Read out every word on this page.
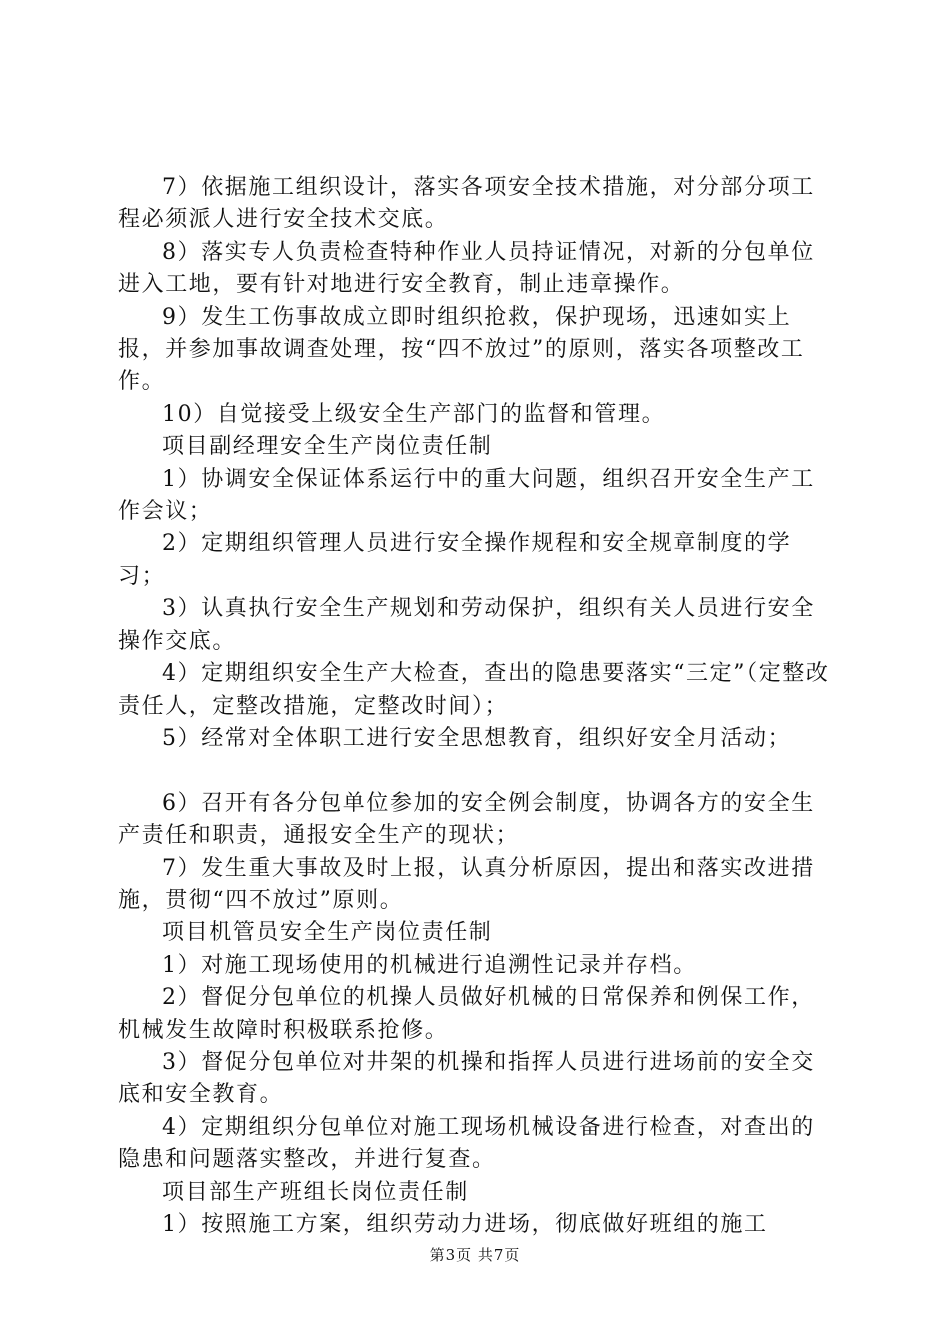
7）依据施工组织设计，落实各项安全技术措施，对分部分项工程必须派人进行安全技术交底。

8）落实专人负责检查特种作业人员持证情况，对新的分包单位进入工地，要有针对地进行安全教育，制止违章操作。

9）发生工伤事故成立即时组织抢救，保护现场，迅速如实上报，并参加事故调查处理，按“四不放过”的原则，落实各项整改工作。

10）自觉接受上级安全生产部门的监督和管理。

项目副经理安全生产岗位责任制

1）协调安全保证体系运行中的重大问题，组织召开安全生产工作会议；

2）定期组织管理人员进行安全操作规程和安全规章制度的学习；

3）认真执行安全生产规划和劳动保护，组织有关人员进行安全操作交底。

4）定期组织安全生产大检查，查出的隐患要落实“三定”（定整改责任人，定整改措施，定整改时间）；

5）经常对全体职工进行安全思想教育，组织好安全月活动；

6）召开有各分包单位参加的安全例会制度，协调各方的安全生产责任和职责，通报安全生产的现状；

7）发生重大事故及时上报，认真分析原因，提出和落实改进措施，贯彻“四不放过”原则。

项目机管员安全生产岗位责任制

1）对施工现场使用的机械进行追溯性记录并存档。

2）督促分包单位的机操人员做好机械的日常保养和例保工作，机械发生故障时积极联系抢修。

3）督促分包单位对井架的机操和指挥人员进行进场前的安全交底和安全教育。

4）定期组织分包单位对施工现场机械设备进行检查，对查出的隐患和问题落实整改，并进行复查。

项目部生产班组长岗位责任制

1）按照施工方案，组织劳动力进场，彻底做好班组的施工

第3页 共7页
